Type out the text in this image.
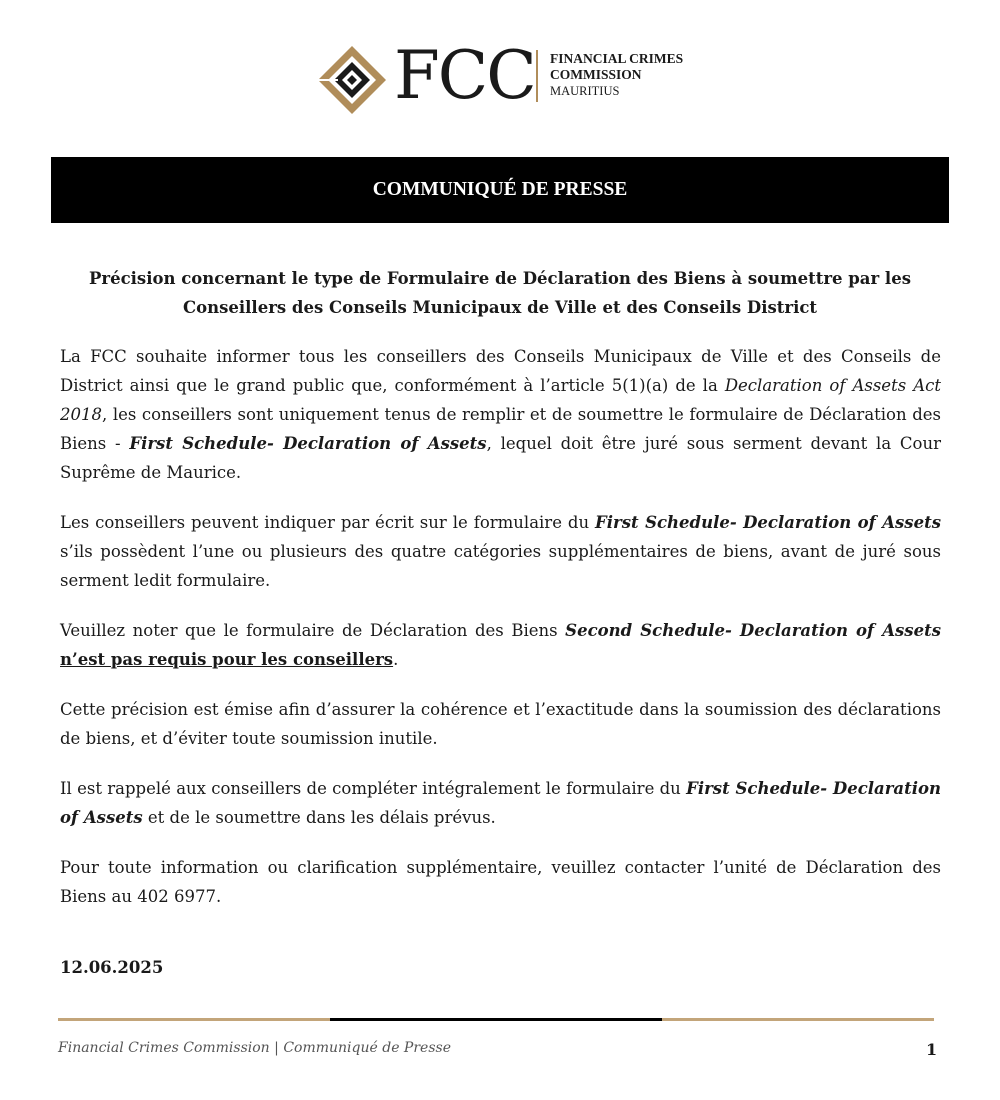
FCC FINANCIAL CRIMES
COMMISSION
MAURITIUS
COMMUNIQUÉ DE PRESSE
Précision concernant le type de Formulaire de Déclaration des Biens à soumettre par les
Conseillers des Conseils Municipaux de Ville et des Conseils District

La FCC souhaite informer tous les conseillers des Conseils Municipaux de Ville et des Conseils de District ainsi que le grand public que, conformément à l’article 5(1)(a) de la Declaration of Assets Act 2018, les conseillers sont uniquement tenus de remplir et de soumettre le formulaire de Déclaration des Biens - First Schedule- Declaration of Assets, lequel doit être juré sous serment devant la Cour Suprême de Maurice.

Les conseillers peuvent indiquer par écrit sur le formulaire du First Schedule- Declaration of Assets s’ils possèdent l’une ou plusieurs des quatre catégories supplémentaires de biens, avant de juré sous serment ledit formulaire.

Veuillez noter que le formulaire de Déclaration des Biens Second Schedule- Declaration of Assets n’est pas requis pour les conseillers.

Cette précision est émise afin d’assurer la cohérence et l’exactitude dans la soumission des déclarations de biens, et d’éviter toute soumission inutile.

Il est rappelé aux conseillers de compléter intégralement le formulaire du First Schedule- Declaration of Assets et de le soumettre dans les délais prévus.

Pour toute information ou clarification supplémentaire, veuillez contacter l’unité de Déclaration des Biens au 402 6977.

12.06.2025
Financial Crimes Commission | Communiqué de Presse	1
